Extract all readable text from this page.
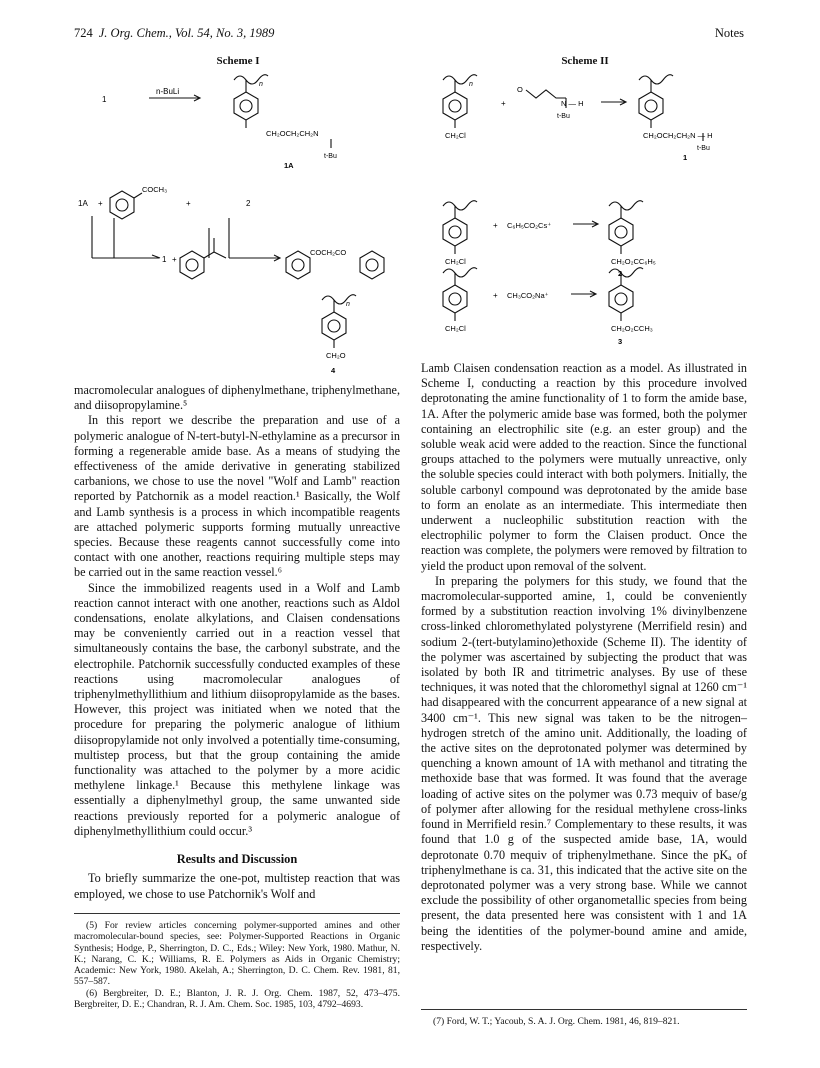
724 J. Org. Chem., Vol. 54, No. 3, 1989	Notes
Scheme I
1
n-BuLi
n
CH₂OCH₂CH₂N
t-Bu
1A
1A +
COCH₃
+	2
1 +
COCH₂CO
n
CH₂O
4
Scheme II
n
CH₂Cl
+
O
N — H
t-Bu
CH₂OCH₂CH₂N — H
t-Bu
1
CH₂Cl
+ C₆H₅CO₂Cs⁺
CH₂O₂CC₆H₅
2
CH₂Cl
+ CH₃CO₂Na⁺
CH₂O₂CCH₃
3

macromolecular analogues of diphenylmethane, triphenylmethane, and diisopropylamine.⁵

In this report we describe the preparation and use of a polymeric analogue of N-tert-butyl-N-ethylamine as a precursor in forming a regenerable amide base. As a means of studying the effectiveness of the amide derivative in generating stabilized carbanions, we chose to use the novel "Wolf and Lamb" reaction reported by Patchornik as a model reaction.¹ Basically, the Wolf and Lamb synthesis is a process in which incompatible reagents are attached polymeric supports forming mutually unreactive species. Because these reagents cannot successfully come into contact with one another, reactions requiring multiple steps may be carried out in the same reaction vessel.⁶

Since the immobilized reagents used in a Wolf and Lamb reaction cannot interact with one another, reactions such as Aldol condensations, enolate alkylations, and Claisen condensations may be conveniently carried out in a reaction vessel that simultaneously contains the base, the carbonyl substrate, and the electrophile. Patchornik successfully conducted examples of these reactions using macromolecular analogues of triphenylmethyllithium and lithium diisopropylamide as the bases. However, this project was initiated when we noted that the procedure for preparing the polymeric analogue of lithium diisopropylamide not only involved a potentially time-consuming, multistep process, but that the group containing the amide functionality was attached to the polymer by a more acidic methylene linkage.¹ Because this methylene linkage was essentially a diphenylmethyl group, the same unwanted side reactions previously reported for a polymeric analogue of diphenylmethyllithium could occur.³

Results and Discussion

To briefly summarize the one-pot, multistep reaction that was employed, we chose to use Patchornik's Wolf and

Lamb Claisen condensation reaction as a model. As illustrated in Scheme I, conducting a reaction by this procedure involved deprotonating the amine functionality of 1 to form the amide base, 1A. After the polymeric amide base was formed, both the polymer containing an electrophilic site (e.g. an ester group) and the soluble weak acid were added to the reaction. Since the functional groups attached to the polymers were mutually unreactive, only the soluble species could interact with both polymers. Initially, the soluble carbonyl compound was deprotonated by the amide base to form an enolate as an intermediate. This intermediate then underwent a nucleophilic substitution reaction with the electrophilic polymer to form the Claisen product. Once the reaction was complete, the polymers were removed by filtration to yield the product upon removal of the solvent.

In preparing the polymers for this study, we found that the macromolecular-supported amine, 1, could be conveniently formed by a substitution reaction involving 1% divinylbenzene cross-linked chloromethylated polystyrene (Merrifield resin) and sodium 2-(tert-butylamino)ethoxide (Scheme II). The identity of the polymer was ascertained by subjecting the product that was isolated by both IR and titrimetric analyses. By use of these techniques, it was noted that the chloromethyl signal at 1260 cm⁻¹ had disappeared with the concurrent appearance of a new signal at 3400 cm⁻¹. This new signal was taken to be the nitrogen–hydrogen stretch of the amino unit. Additionally, the loading of the active sites on the deprotonated polymer was determined by quenching a known amount of 1A with methanol and titrating the methoxide base that was formed. It was found that the average loading of active sites on the polymer was 0.73 mequiv of base/g of polymer after allowing for the residual methylene cross-links found in Merrifield resin.⁷ Complementary to these results, it was found that 1.0 g of the suspected amide base, 1A, would deprotonate 0.70 mequiv of triphenylmethane. Since the pKₐ of triphenylmethane is ca. 31, this indicated that the active site on the deprotonated polymer was a very strong base. While we cannot exclude the possibility of other organometallic species from being present, the data presented here was consistent with 1 and 1A being the identities of the polymer-bound amine and amide, respectively.

(5) For review articles concerning polymer-supported amines and other macromolecular-bound species, see: Polymer-Supported Reactions in Organic Synthesis; Hodge, P., Sherrington, D. C., Eds.; Wiley: New York, 1980. Mathur, N. K.; Narang, C. K.; Williams, R. E. Polymers as Aids in Organic Chemistry; Academic: New York, 1980. Akelah, A.; Sherrington, D. C. Chem. Rev. 1981, 81, 557–587.

(6) Bergbreiter, D. E.; Blanton, J. R. J. Org. Chem. 1987, 52, 473–475. Bergbreiter, D. E.; Chandran, R. J. Am. Chem. Soc. 1985, 103, 4792–4693.

(7) Ford, W. T.; Yacoub, S. A. J. Org. Chem. 1981, 46, 819–821.
